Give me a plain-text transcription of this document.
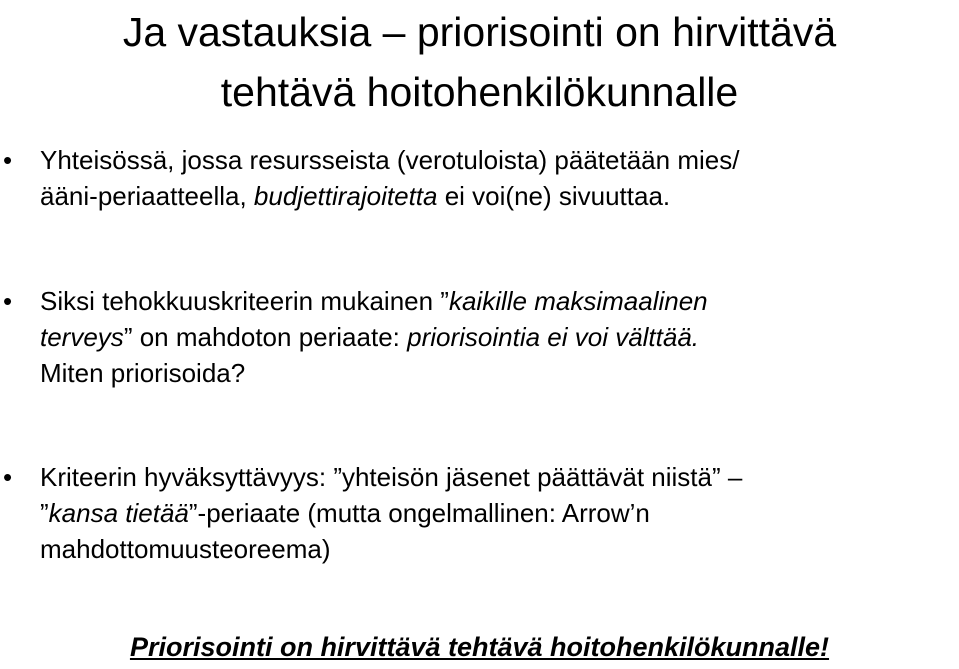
Ja vastauksia – priorisointi on hirvittävä
tehtävä hoitohenkilökunnalle
• Yhteisössä, jossa resursseista (verotuloista) päätetään mies/
ääni-periaatteella, budjettirajoitetta ei voi(ne) sivuuttaa.
• Siksi tehokkuuskriteerin mukainen ”kaikille maksimaalinen
terveys” on mahdoton periaate: priorisointia ei voi välttää.
Miten priorisoida?
• Kriteerin hyväksyttävyys: ”yhteisön jäsenet päättävät niistä” –
”kansa tietää”-periaate (mutta ongelmallinen: Arrow’n
mahdottomuusteoreema)
Priorisointi on hirvittävä tehtävä hoitohenkilökunnalle!
